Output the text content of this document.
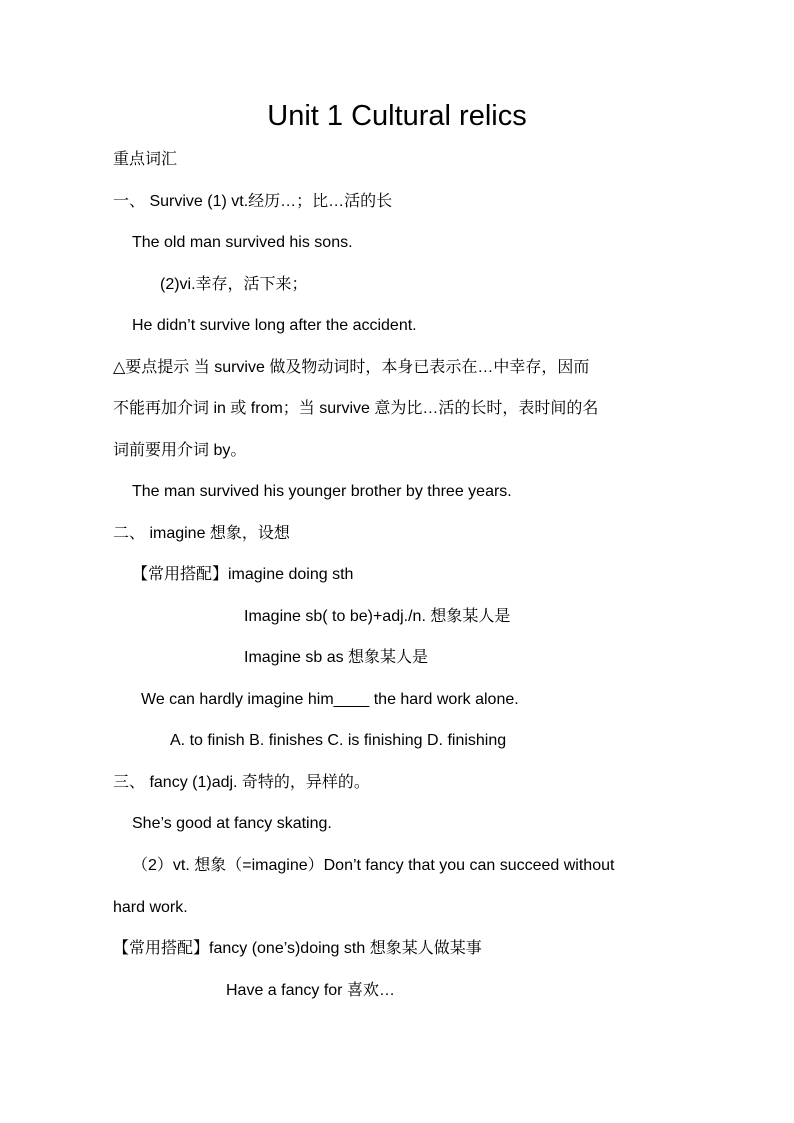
Unit 1 Cultural relics
重点词汇
一、 Survive (1) vt.经历…；比…活的长
The old man survived his sons.
(2)vi.幸存，活下来；
He didn’t survive long after the accident.
△要点提示 当 survive 做及物动词时，本身已表示在…中幸存，因而
不能再加介词 in 或 from；当 survive 意为比…活的长时，表时间的名
词前要用介词 by。
The man survived his younger brother by three years.
二、 imagine 想象，设想
【常用搭配】imagine doing sth
Imagine sb( to be)+adj./n. 想象某人是
Imagine sb as 想象某人是
We can hardly imagine him____ the hard work alone.
A. to finish B. finishes C. is finishing D. finishing
三、 fancy (1)adj. 奇特的，异样的。
She’s good at fancy skating.
（2）vt. 想象（=imagine）Don’t fancy that you can succeed without
hard work.
【常用搭配】fancy (one’s)doing sth 想象某人做某事
Have a fancy for 喜欢…
